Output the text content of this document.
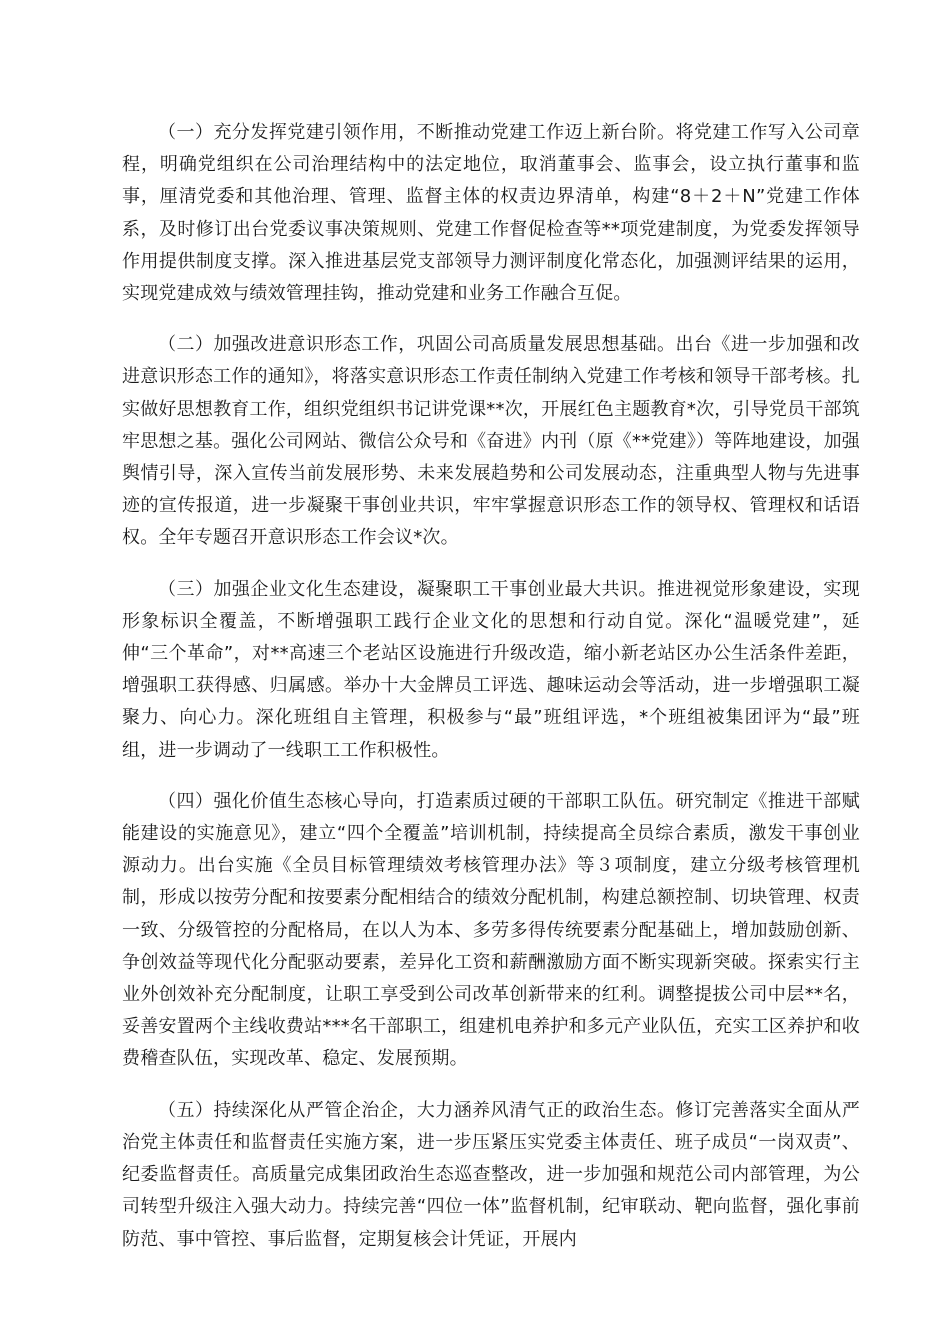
（一）充分发挥党建引领作用，不断推动党建工作迈上新台阶。将党建工作写入公司章程，明确党组织在公司治理结构中的法定地位，取消董事会、监事会，设立执行董事和监事，厘清党委和其他治理、管理、监督主体的权责边界清单，构建“8＋2＋N”党建工作体系，及时修订出台党委议事决策规则、党建工作督促检查等**项党建制度，为党委发挥领导作用提供制度支撑。深入推进基层党支部领导力测评制度化常态化，加强测评结果的运用，实现党建成效与绩效管理挂钩，推动党建和业务工作融合互促。

（二）加强改进意识形态工作，巩固公司高质量发展思想基础。出台《进一步加强和改进意识形态工作的通知》，将落实意识形态工作责任制纳入党建工作考核和领导干部考核。扎实做好思想教育工作，组织党组织书记讲党课**次，开展红色主题教育*次，引导党员干部筑牢思想之基。强化公司网站、微信公众号和《奋进》内刊（原《**党建》）等阵地建设，加强舆情引导，深入宣传当前发展形势、未来发展趋势和公司发展动态，注重典型人物与先进事迹的宣传报道，进一步凝聚干事创业共识，牢牢掌握意识形态工作的领导权、管理权和话语权。全年专题召开意识形态工作会议*次。

（三）加强企业文化生态建设，凝聚职工干事创业最大共识。推进视觉形象建设，实现形象标识全覆盖，不断增强职工践行企业文化的思想和行动自觉。深化“温暖党建”，延伸“三个革命”，对**高速三个老站区设施进行升级改造，缩小新老站区办公生活条件差距，增强职工获得感、归属感。举办十大金牌员工评选、趣味运动会等活动，进一步增强职工凝聚力、向心力。深化班组自主管理，积极参与“最”班组评选，*个班组被集团评为“最”班组，进一步调动了一线职工工作积极性。

（四）强化价值生态核心导向，打造素质过硬的干部职工队伍。研究制定《推进干部赋能建设的实施意见》，建立“四个全覆盖”培训机制，持续提高全员综合素质，激发干事创业源动力。出台实施《全员目标管理绩效考核管理办法》等３项制度，建立分级考核管理机制，形成以按劳分配和按要素分配相结合的绩效分配机制，构建总额控制、切块管理、权责一致、分级管控的分配格局，在以人为本、多劳多得传统要素分配基础上，增加鼓励创新、争创效益等现代化分配驱动要素，差异化工资和薪酬激励方面不断实现新突破。探索实行主业外创效补充分配制度，让职工享受到公司改革创新带来的红利。调整提拔公司中层**名，妥善安置两个主线收费站***名干部职工，组建机电养护和多元产业队伍，充实工区养护和收费稽查队伍，实现改革、稳定、发展预期。

（五）持续深化从严管企治企，大力涵养风清气正的政治生态。修订完善落实全面从严治党主体责任和监督责任实施方案，进一步压紧压实党委主体责任、班子成员“一岗双责”、纪委监督责任。高质量完成集团政治生态巡查整改，进一步加强和规范公司内部管理，为公司转型升级注入强大动力。持续完善“四位一体”监督机制，纪审联动、靶向监督，强化事前防范、事中管控、事后监督，定期复核会计凭证，开展内
